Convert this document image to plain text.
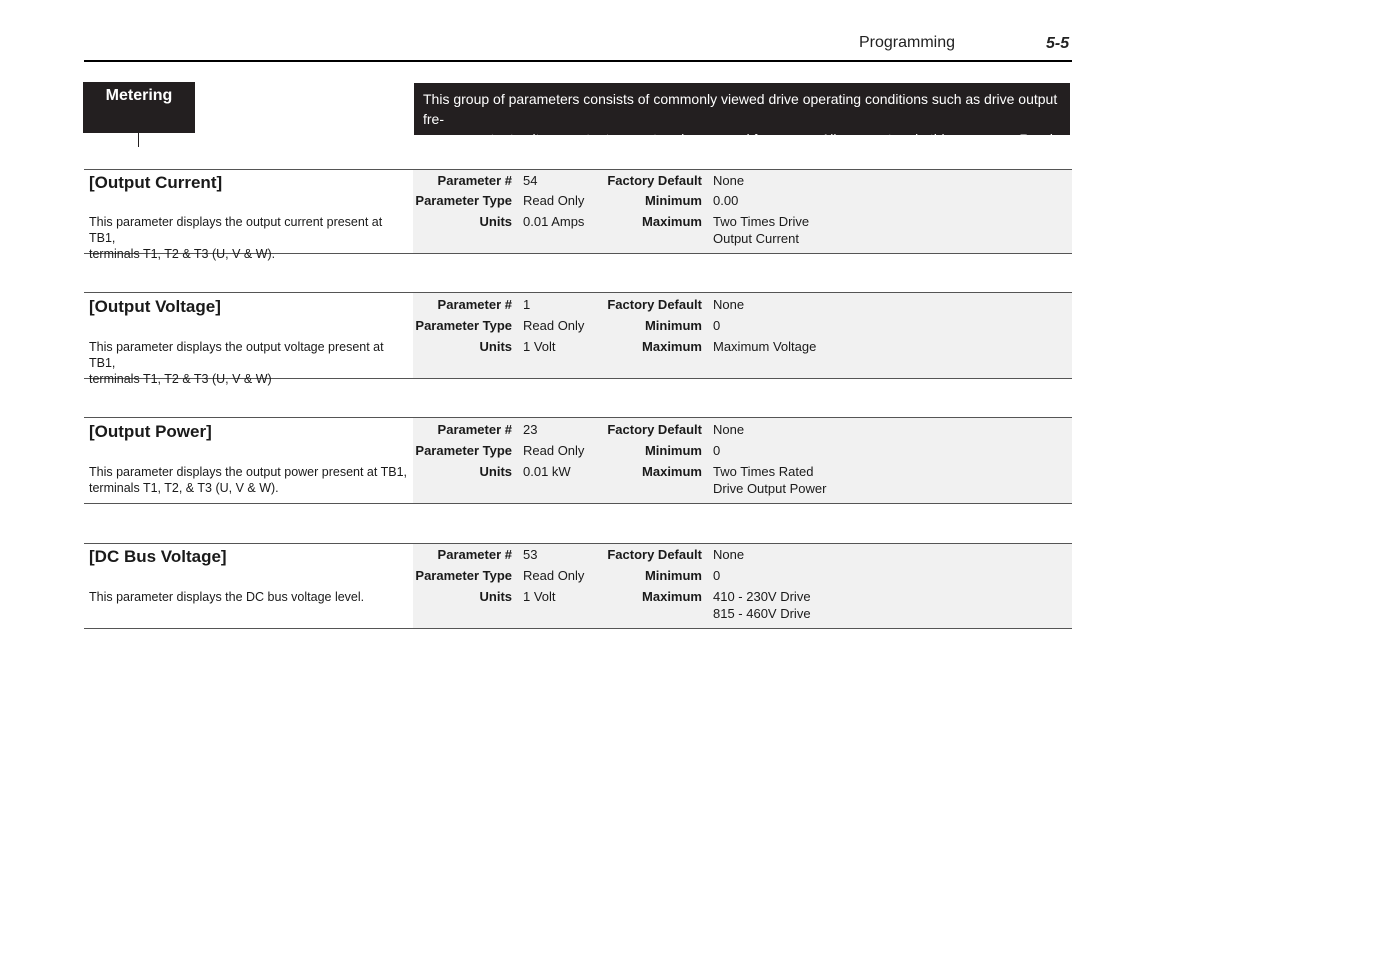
Programming	5-5
Metering	This group of parameters consists of commonly viewed drive operating conditions such as drive output fre-
quency, output voltage, output current and command frequency. All parameters in this group are Read Only.
[Output Current]
This parameter displays the output current present at TB1,
terminals T1, T2 & T3 (U, V & W).
Parameter # 54
Parameter Type Read Only
Units 0.01 Amps
Factory Default None
Minimum 0.00
Maximum Two Times Drive
Output Current
[Output Voltage]
This parameter displays the output voltage present at TB1,
terminals T1, T2 & T3 (U, V & W)
Parameter # 1
Parameter Type Read Only
Units 1 Volt
Factory Default None
Minimum 0
Maximum Maximum Voltage
[Output Power]
This parameter displays the output power present at TB1,
terminals T1, T2, & T3 (U, V & W).
Parameter # 23
Parameter Type Read Only
Units 0.01 kW
Factory Default None
Minimum 0
Maximum Two Times Rated
Drive Output Power
[DC Bus Voltage]
This parameter displays the DC bus voltage level.
Parameter # 53
Parameter Type Read Only
Units 1 Volt
Factory Default None
Minimum 0
Maximum 410 - 230V Drive
815 - 460V Drive
